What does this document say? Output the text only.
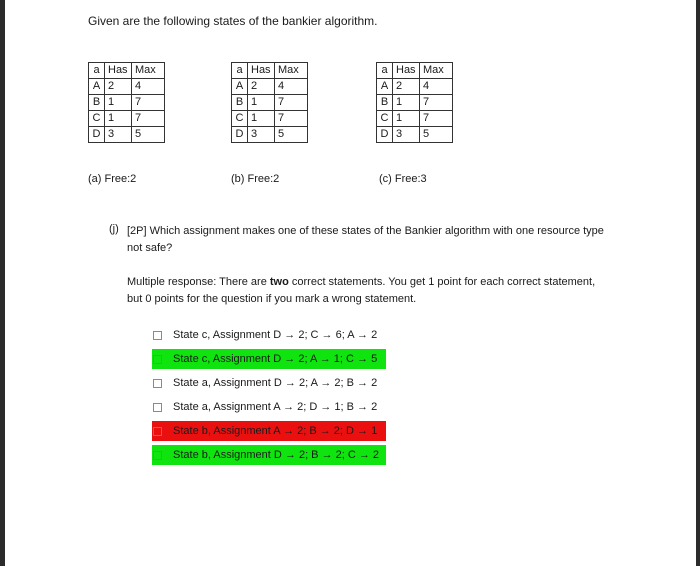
Given are the following states of the bankier algorithm.
a	Has	Max
A	2	4
B	1	7
C	1	7
D	3	5
a	Has	Max
A	2	4
B	1	7
C	1	7
D	3	5
a	Has	Max
A	2	4
B	1	7
C	1	7
D	3	5
(a) Free:2	(b) Free:2	(c) Free:3
(j) [2P] Which assignment makes one of these states of the Bankier algorithm with one resource type not safe?
Multiple response: There are two correct statements. You get 1 point for each correct statement, but 0 points for the question if you mark a wrong statement.
State c, Assignment D → 2; C → 6; A → 2
State c, Assignment D → 2; A → 1; C → 5
State a, Assignment D → 2; A → 2; B → 2
State a, Assignment A → 2; D → 1; B → 2
State b, Assignment A → 2; B → 2; D → 1
State b, Assignment D → 2; B → 2; C → 2
